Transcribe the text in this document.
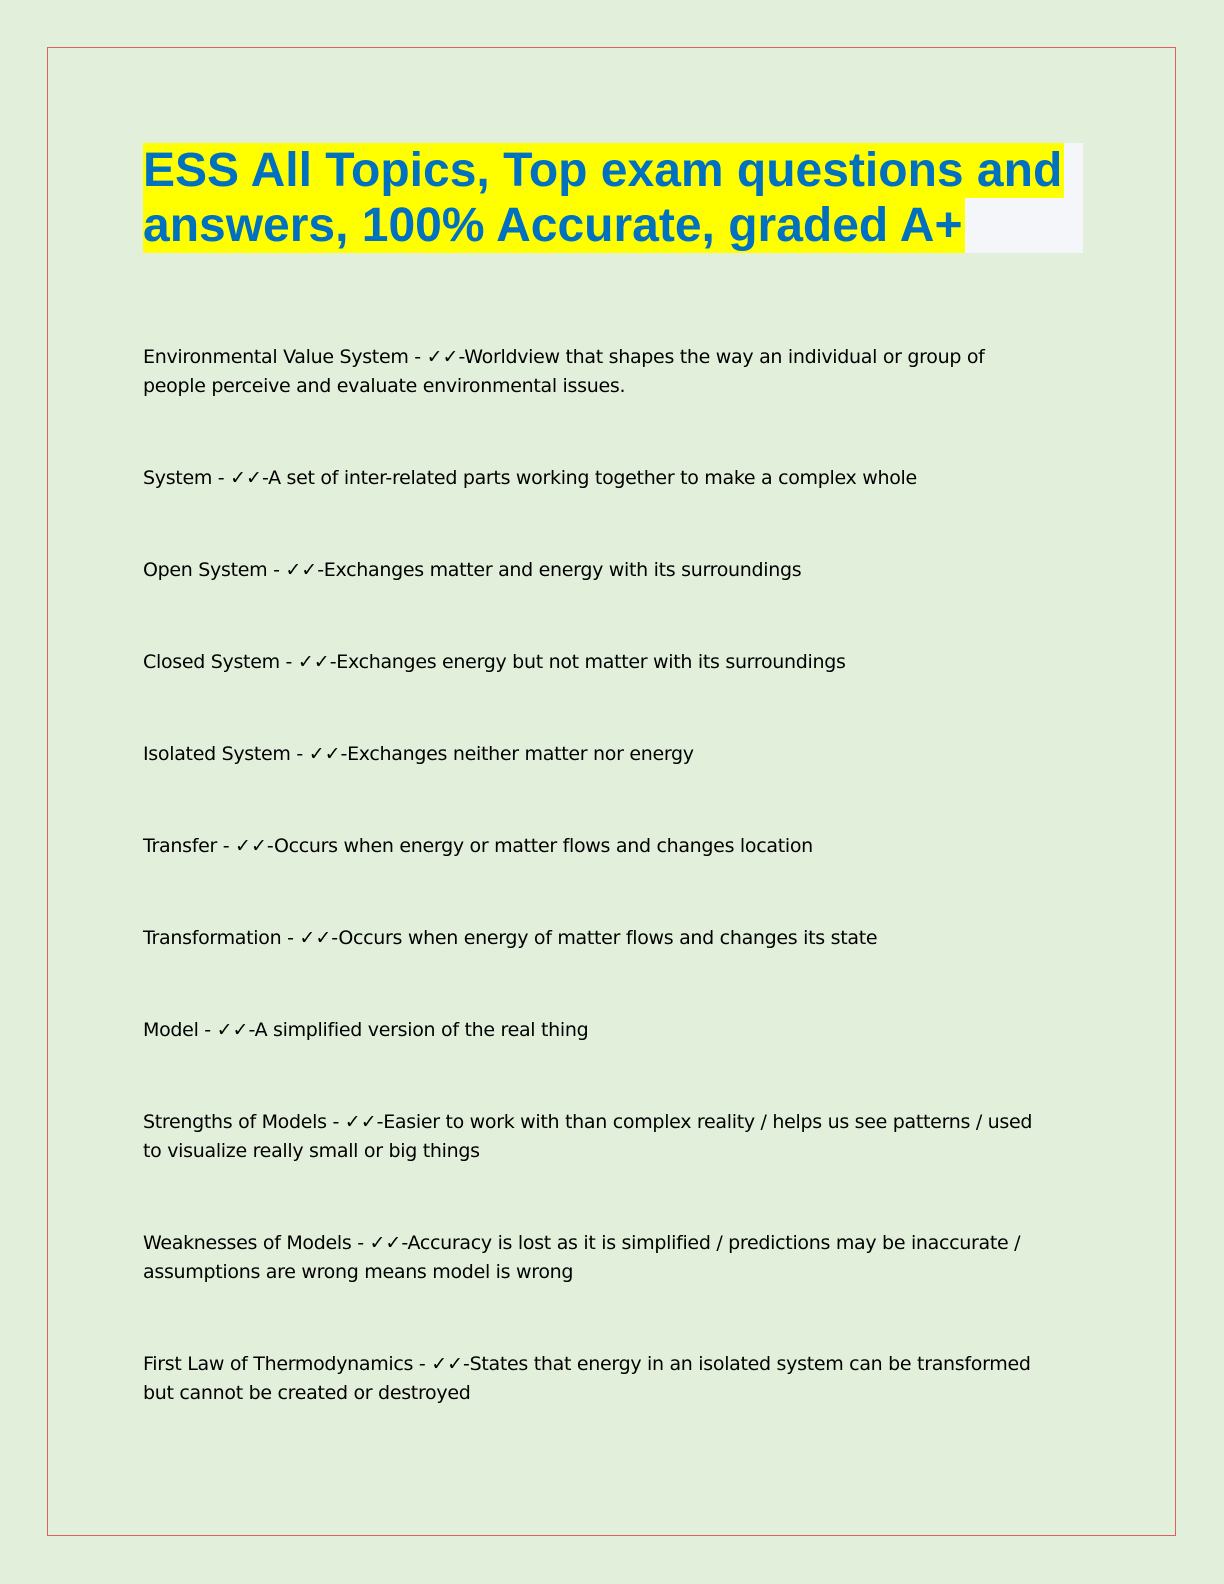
ESS All Topics, Top exam questions and
answers, 100% Accurate, graded A+

Environmental Value System - ✓✓-Worldview that shapes the way an individual or group of people perceive and evaluate environmental issues.

System - ✓✓-A set of inter-related parts working together to make a complex whole

Open System - ✓✓-Exchanges matter and energy with its surroundings

Closed System - ✓✓-Exchanges energy but not matter with its surroundings

Isolated System - ✓✓-Exchanges neither matter nor energy

Transfer - ✓✓-Occurs when energy or matter flows and changes location

Transformation - ✓✓-Occurs when energy of matter flows and changes its state

Model - ✓✓-A simplified version of the real thing

Strengths of Models - ✓✓-Easier to work with than complex reality / helps us see patterns / used to visualize really small or big things

Weaknesses of Models - ✓✓-Accuracy is lost as it is simplified / predictions may be inaccurate / assumptions are wrong means model is wrong

First Law of Thermodynamics - ✓✓-States that energy in an isolated system can be transformed but cannot be created or destroyed
